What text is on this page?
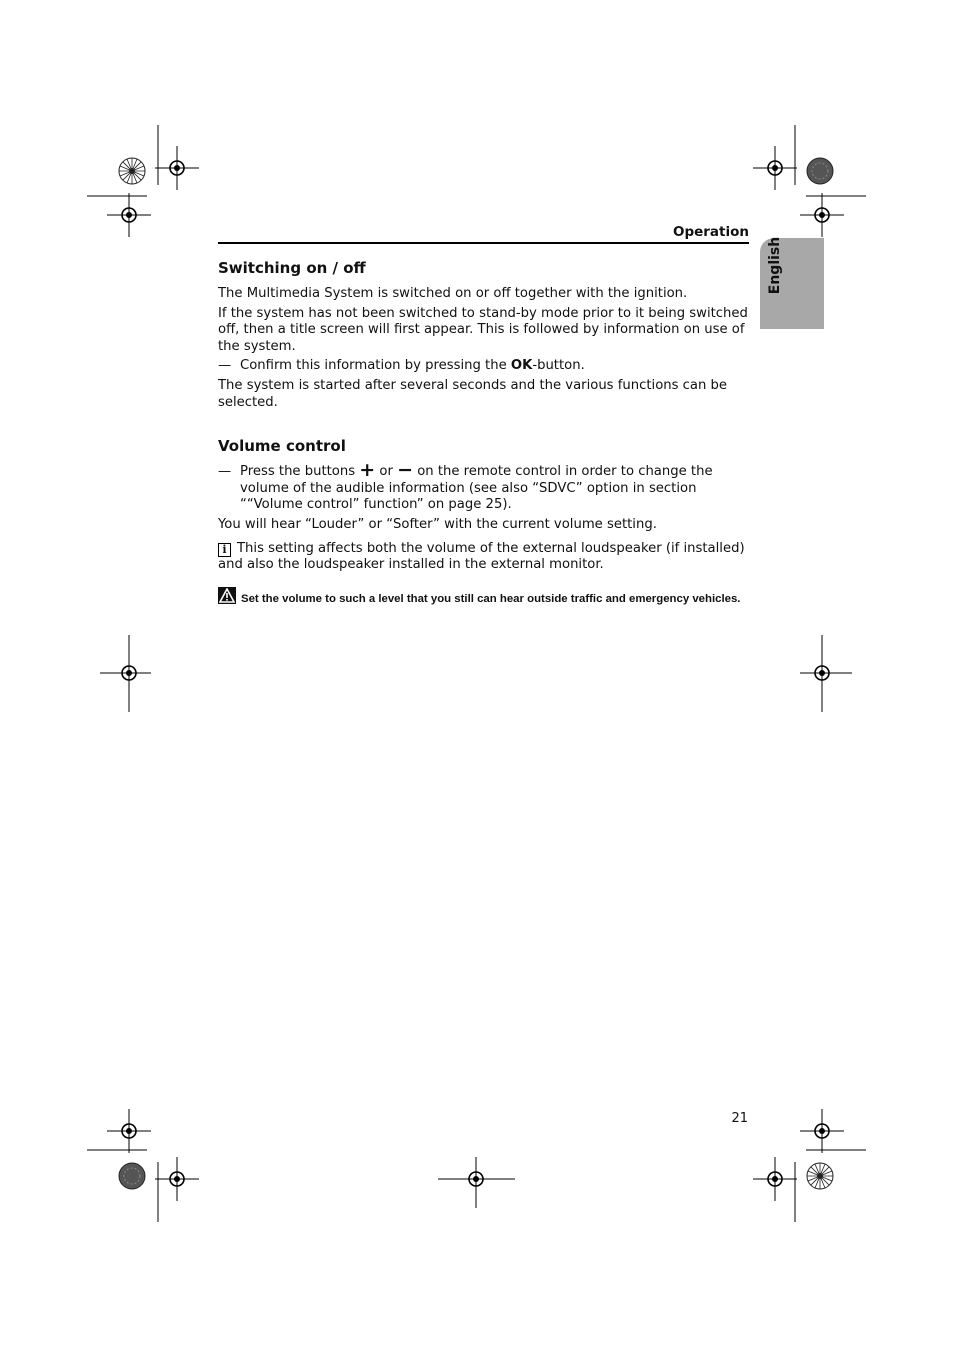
Operation
English
Switching on / off

The Multimedia System is switched on or off together with the ignition.

If the system has not been switched to stand-by mode prior to it being switched off, then a title screen will first appear. This is followed by information on use of the system.

— Confirm this information by pressing the OK-button.

The system is started after several seconds and the various functions can be selected.

Volume control
— Press the buttons + or − on the remote control in order to change the volume of the audible information (see also “SDVC” option in section ““Volume control” function” on page 25).

You will hear “Louder” or “Softer” with the current volume setting.

i This setting affects both the volume of the external loudspeaker (if installed) and also the loudspeaker installed in the external monitor.

Set the volume to such a level that you still can hear outside traffic and emergency vehicles.
21
